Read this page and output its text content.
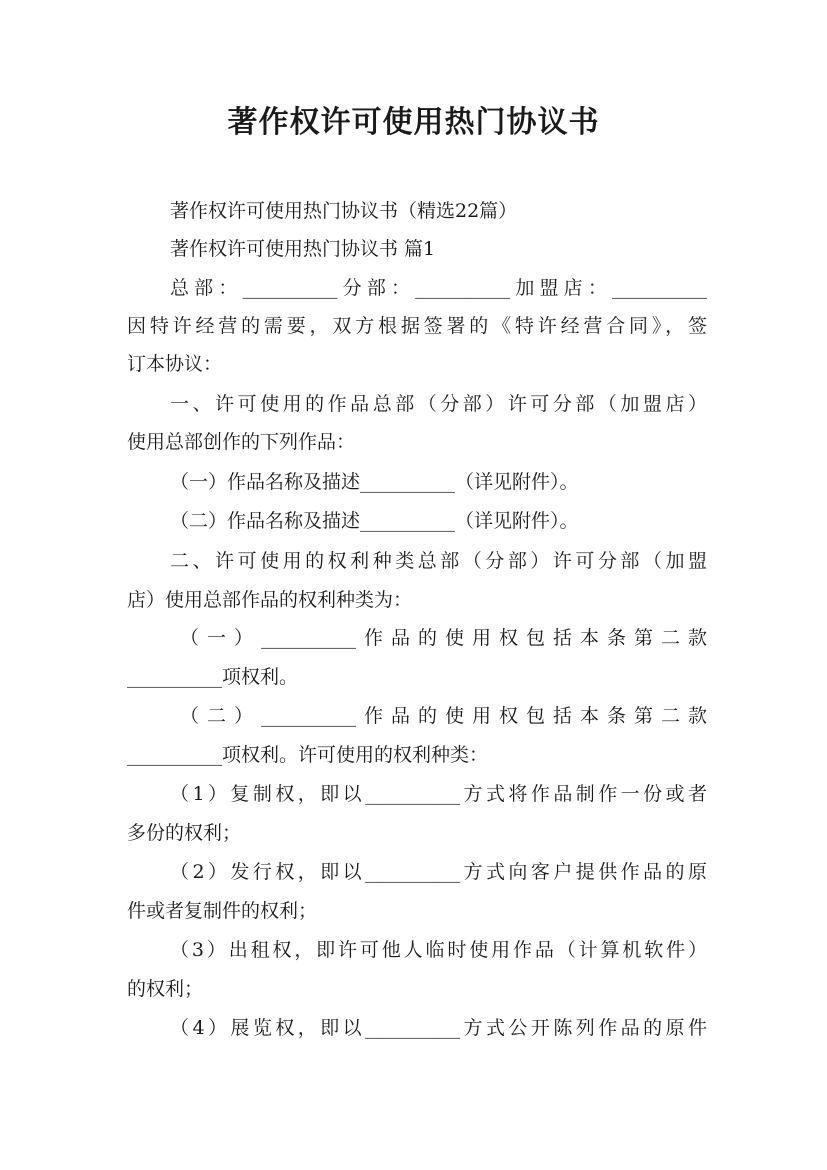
著作权许可使用热门协议书

著作权许可使用热门协议书（精选22篇）

著作权许可使用热门协议书 篇1

总部：__________分部：__________加盟店：__________

因特许经营的需要，双方根据签署的《特许经营合同》，签

订本协议：

一、许可使用的作品总部（分部）许可分部（加盟店）

使用总部创作的下列作品：

（一）作品名称及描述__________（详见附件）。

（二）作品名称及描述__________（详见附件）。

二、许可使用的权利种类总部（分部）许可分部（加盟

店）使用总部作品的权利种类为：

（一）__________作品的使用权包括本条第二款

__________项权利。

（二）__________作品的使用权包括本条第二款

__________项权利。许可使用的权利种类：

（1）复制权，即以__________方式将作品制作一份或者

多份的权利；

（2）发行权，即以__________方式向客户提供作品的原

件或者复制件的权利；

（3）出租权，即许可他人临时使用作品（计算机软件）

的权利；

（4）展览权，即以__________方式公开陈列作品的原件
